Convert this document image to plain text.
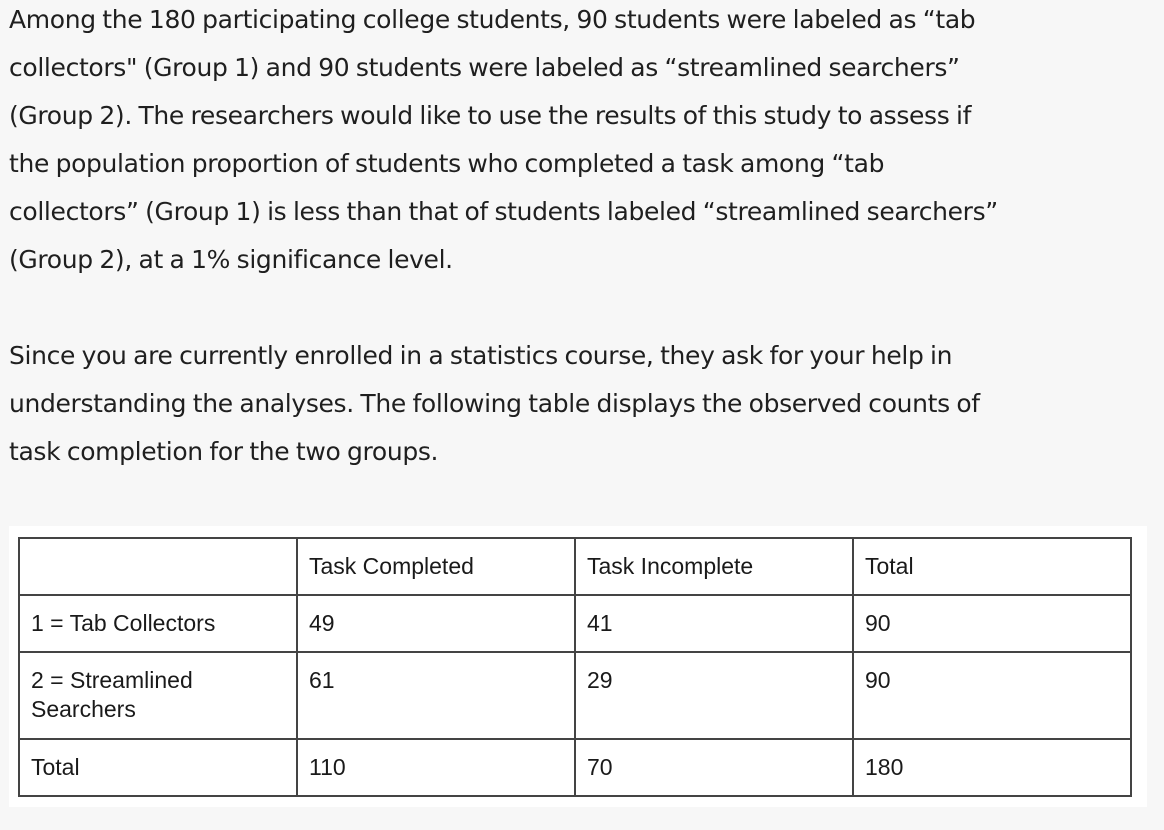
Among the 180 participating college students, 90 students were labeled as “tab
collectors" (Group 1) and 90 students were labeled as “streamlined searchers”
(Group 2). The researchers would like to use the results of this study to assess if
the population proportion of students who completed a task among “tab
collectors” (Group 1) is less than that of students labeled “streamlined searchers”
(Group 2), at a 1% significance level.

Since you are currently enrolled in a statistics course, they ask for your help in
understanding the analyses. The following table displays the observed counts of
task completion for the two groups.

	Task Completed	Task Incomplete	Total
1 = Tab Collectors	49	41	90
2 = Streamlined
Searchers	61	29	90
Total	110	70	180
